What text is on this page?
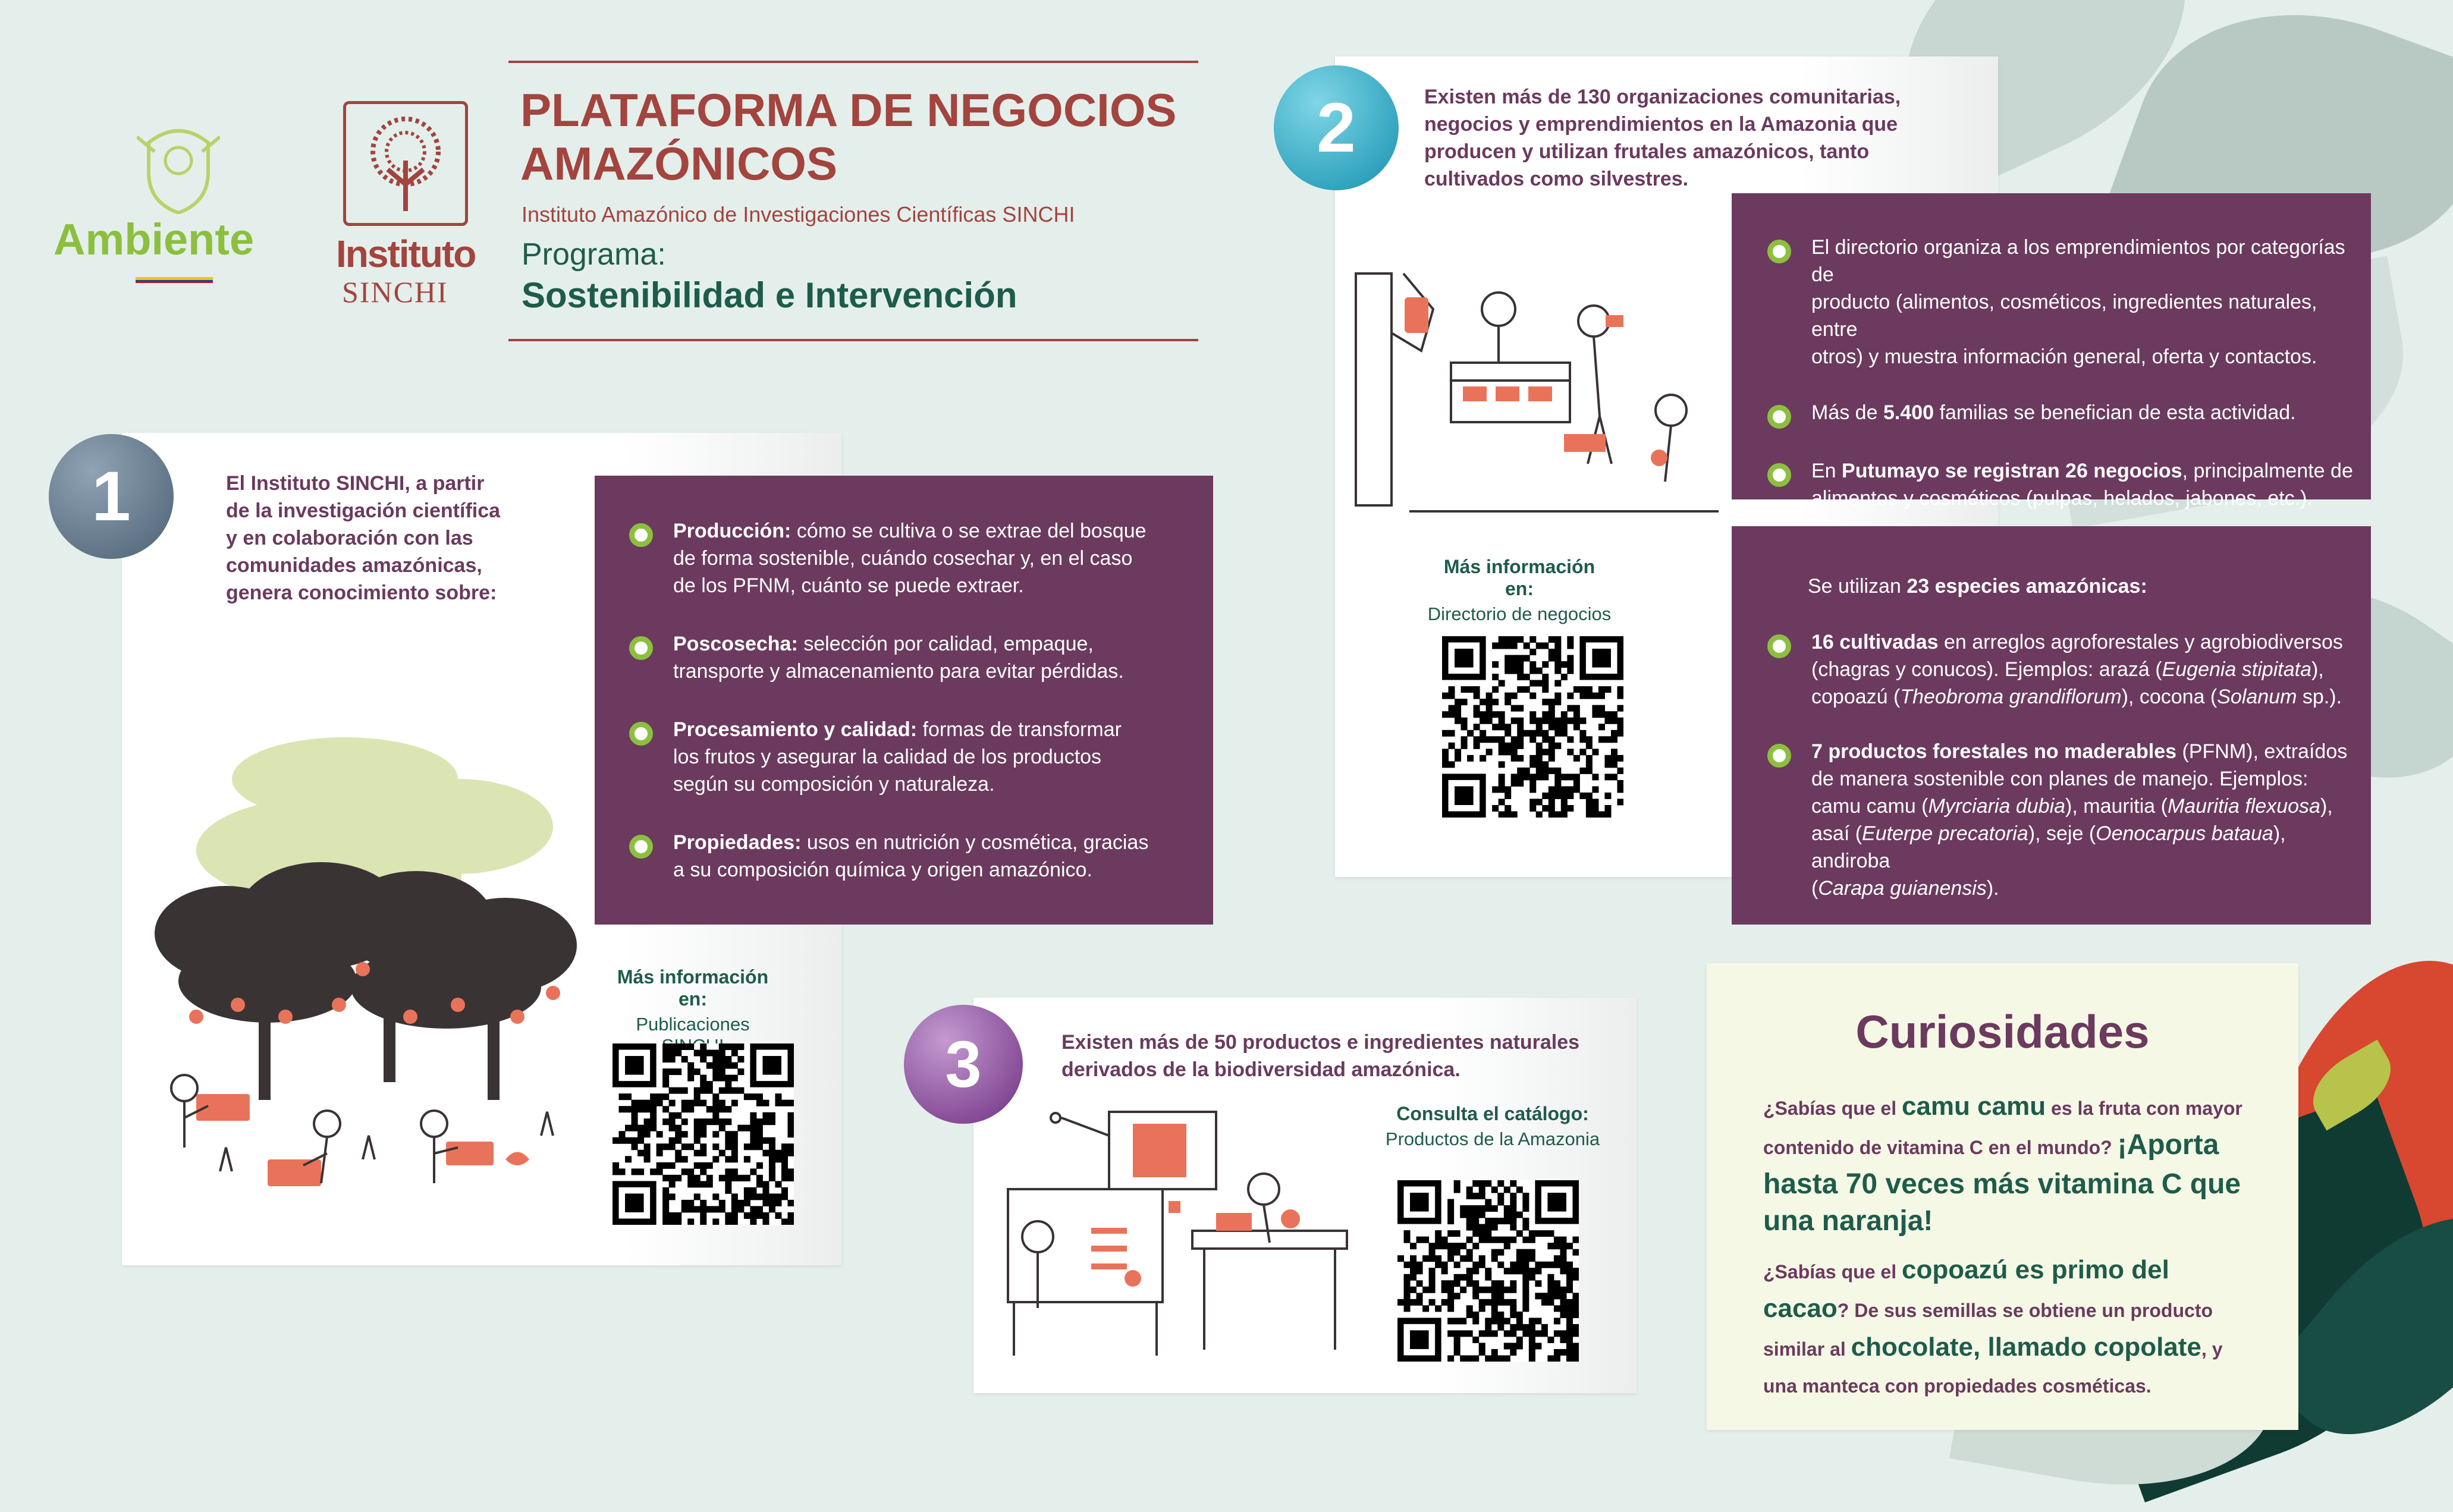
Ambiente Instituto
SINCHI
PLATAFORMA DE NEGOCIOS
AMAZÓNICOS
Instituto Amazónico de Investigaciones Científicas SINCHI
Programa:
Sostenibilidad e Intervención
1	El Instituto SINCHI, a partir
de la investigación científica
y en colaboración con las
comunidades amazónicas,
genera conocimiento sobre:
Producción: cómo se cultiva o se extrae del bosque
de forma sostenible, cuándo cosechar y, en el caso
de los PFNM, cuánto se puede extraer.
Poscosecha: selección por calidad, empaque,
transporte y almacenamiento para evitar pérdidas.
Procesamiento y calidad: formas de transformar
los frutos y asegurar la calidad de los productos
según su composición y naturaleza.
Propiedades: usos en nutrición y cosmética, gracias
a su composición química y origen amazónico.
Más información en:
Publicaciones
2	Existen más de 130 organizaciones comunitarias,
negocios y emprendimientos en la Amazonia que
producen y utilizan frutales amazónicos, tanto
cultivados como silvestres.
El directorio organiza a los emprendimientos por categorías de
producto (alimentos, cosméticos, ingredientes naturales, entre
otros) y muestra información general, oferta y contactos.
Más de 5.400 familias se benefician de esta actividad.
En Putumayo se registran 26 negocios, principalmente de
alimentos y cosméticos (pulpas, helados, jabones, etc.).
Se utilizan 23 especies amazónicas:
16 cultivadas en arreglos agroforestales y agrobiodiversos
(chagras y conucos). Ejemplos: arazá (Eugenia stipitata),
copoazú (Theobroma grandiflorum), cocona (Solanum sp.).
7 productos forestales no maderables (PFNM), extraídos
de manera sostenible con planes de manejo. Ejemplos:
camu camu (Myrciaria dubia), mauritia (Mauritia flexuosa),
asaí (Euterpe precatoria), seje (Oenocarpus bataua), andiroba
(Carapa guianensis).
Más información en:
Directorio de negocios
3	Existen más de 50 productos e ingredientes naturales
derivados de la biodiversidad amazónica.
Consulta el catálogo:
Productos de la Amazonia
Curiosidades
¿Sabías que el camu camu es la fruta con mayor
contenido de vitamina C en el mundo? ¡Aporta
hasta 70 veces más vitamina C que
una naranja!
¿Sabías que el copoazú es primo del
cacao? De sus semillas se obtiene un producto
similar al chocolate, llamado copolate, y
una manteca con propiedades cosméticas.
